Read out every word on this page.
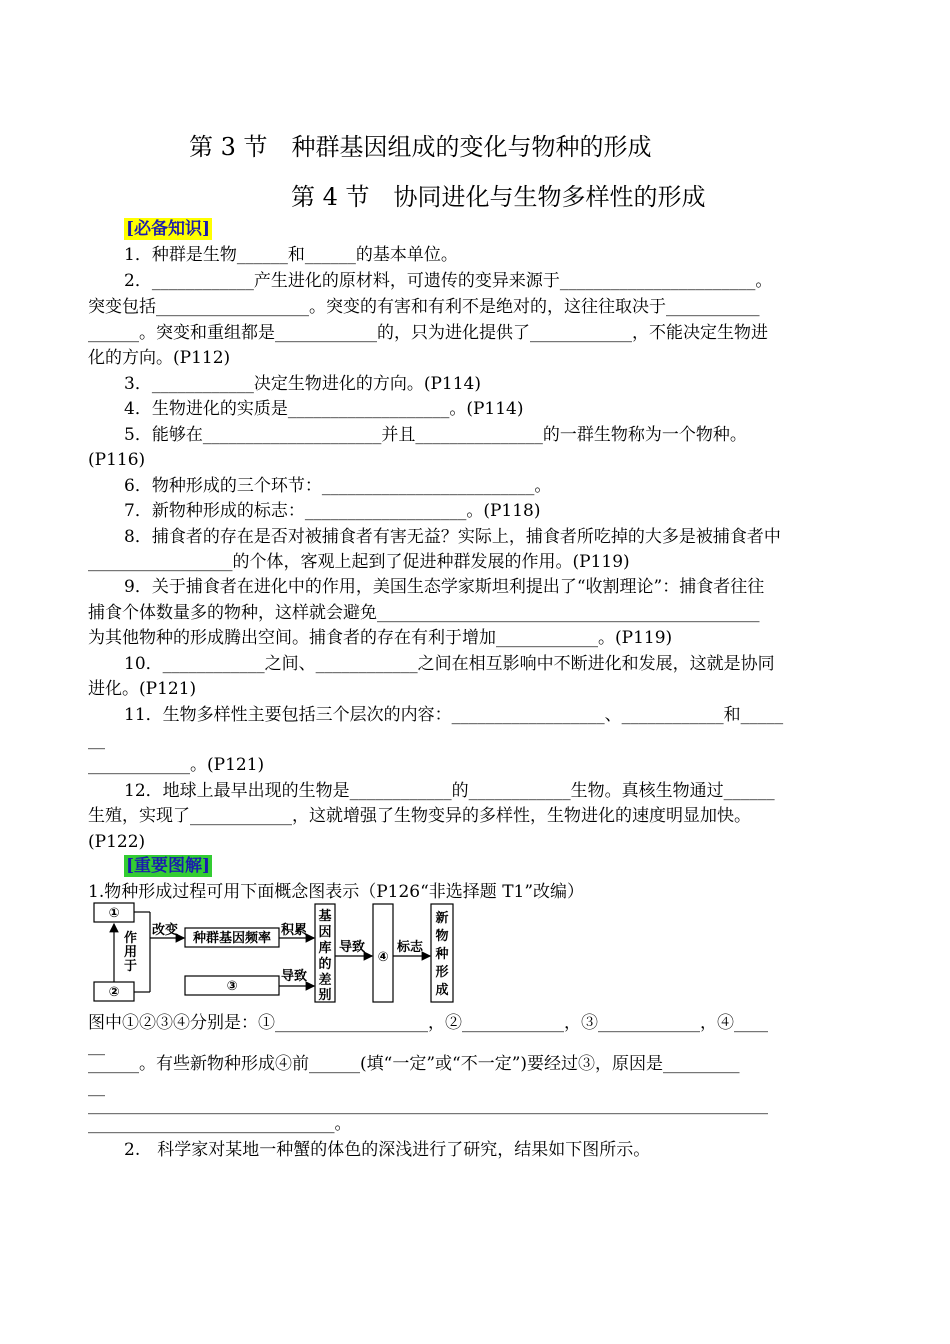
第 3 节　种群基因组成的变化与物种的形成
第 4 节　协同进化与生物多样性的形成
[必备知识]
1．种群是生物______和______的基本单位。
2．____________产生进化的原材料，可遗传的变异来源于_______________________。
突变包括__________________。突变的有害和有利不是绝对的，这往往取决于___________
______。突变和重组都是____________的，只为进化提供了____________，不能决定生物进
化的方向。(P112)
3．____________决定生物进化的方向。(P114)
4．生物进化的实质是___________________。(P114)
5．能够在_____________________并且_______________的一群生物称为一个物种。
(P116)
6．物种形成的三个环节：_________________________。
7．新物种形成的标志：___________________。(P118)
8．捕食者的存在是否对被捕食者有害无益？实际上，捕食者所吃掉的大多是被捕食者中
_________________的个体，客观上起到了促进种群发展的作用。(P119)
9．关于捕食者在进化中的作用，美国生态学家斯坦利提出了“收割理论”：捕食者往往
捕食个体数量多的物种，这样就会避免_____________________________________________
为其他物种的形成腾出空间。捕食者的存在有利于增加____________。(P119)
10．____________之间、____________之间在相互影响中不断进化和发展，这就是协同
进化。(P121)
11．生物多样性主要包括三个层次的内容：__________________、____________和_____
__
____________。(P121)
12．地球上最早出现的生物是____________的____________生物。真核生物通过______
生殖，实现了____________，这就增强了生物变异的多样性，生物进化的速度明显加快。
(P122)
[重要图解]
1.物种形成过程可用下面概念图表示（P126“非选择题 T1”改编）
①
②
作
用
于
改变
种群基因频率
积累
③
导致
基
因
库
的
差
别
导致
④
标志
新
物
种
形
成
图中①②③④分别是：①__________________，②____________，③____________，④____
__
______。有些新物种形成④前______(填“一定”或“不一定”)要经过③，原因是_________
__
________________________________________________________________________________
_____________________________。
2.　科学家对某地一种蟹的体色的深浅进行了研究，结果如下图所示。
